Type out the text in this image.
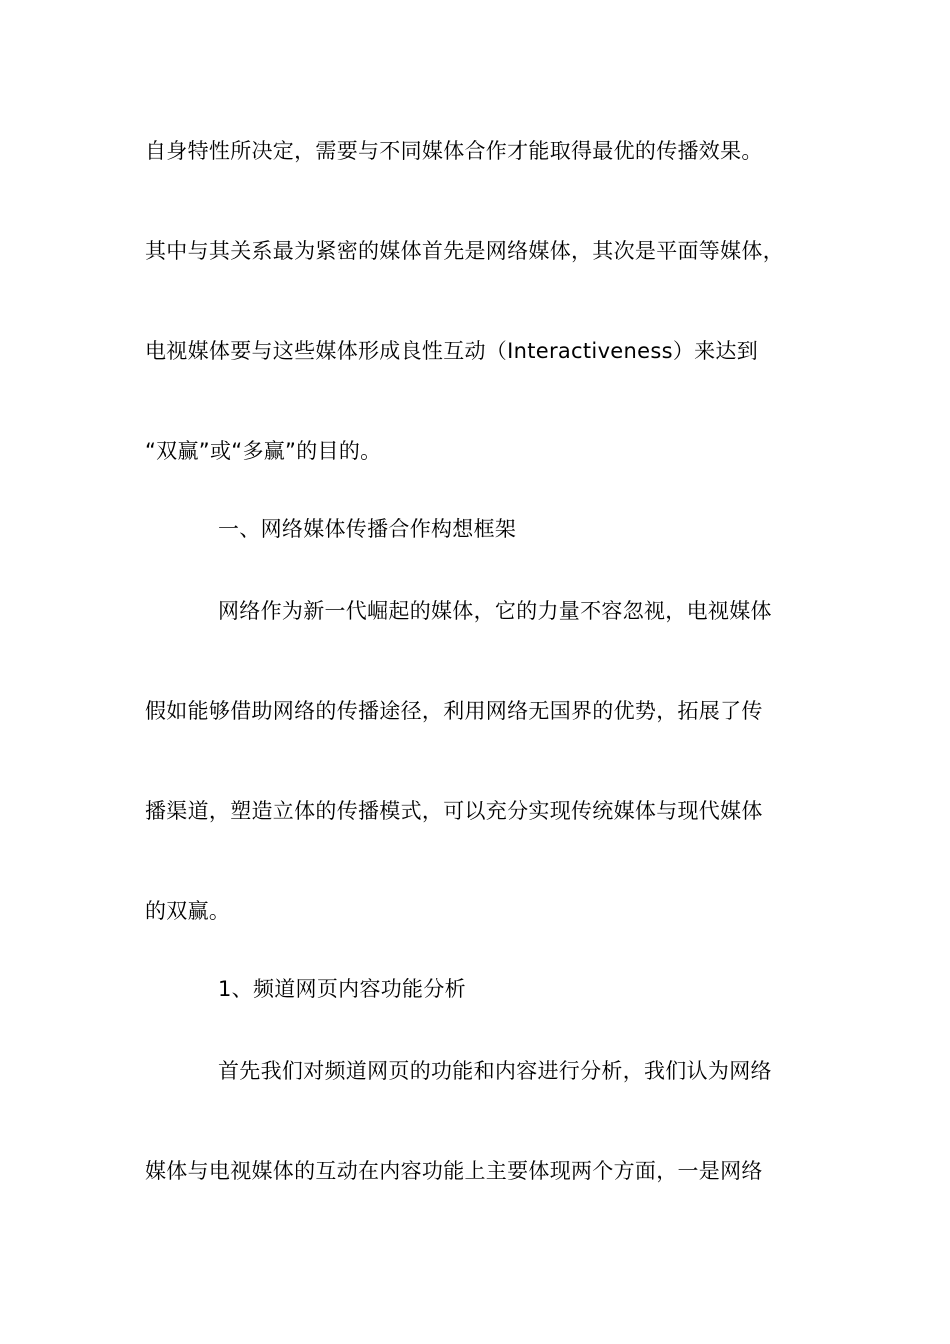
自身特性所决定，需要与不同媒体合作才能取得最优的传播效果。
其中与其关系最为紧密的媒体首先是网络媒体，其次是平面等媒体，
电视媒体要与这些媒体形成良性互动（Interactiveness）来达到
“双赢”或“多赢”的目的。
一、网络媒体传播合作构想框架
网络作为新一代崛起的媒体，它的力量不容忽视，电视媒体
假如能够借助网络的传播途径，利用网络无国界的优势，拓展了传
播渠道，塑造立体的传播模式，可以充分实现传统媒体与现代媒体
的双赢。
1、频道网页内容功能分析
首先我们对频道网页的功能和内容进行分析，我们认为网络
媒体与电视媒体的互动在内容功能上主要体现两个方面，一是网络
